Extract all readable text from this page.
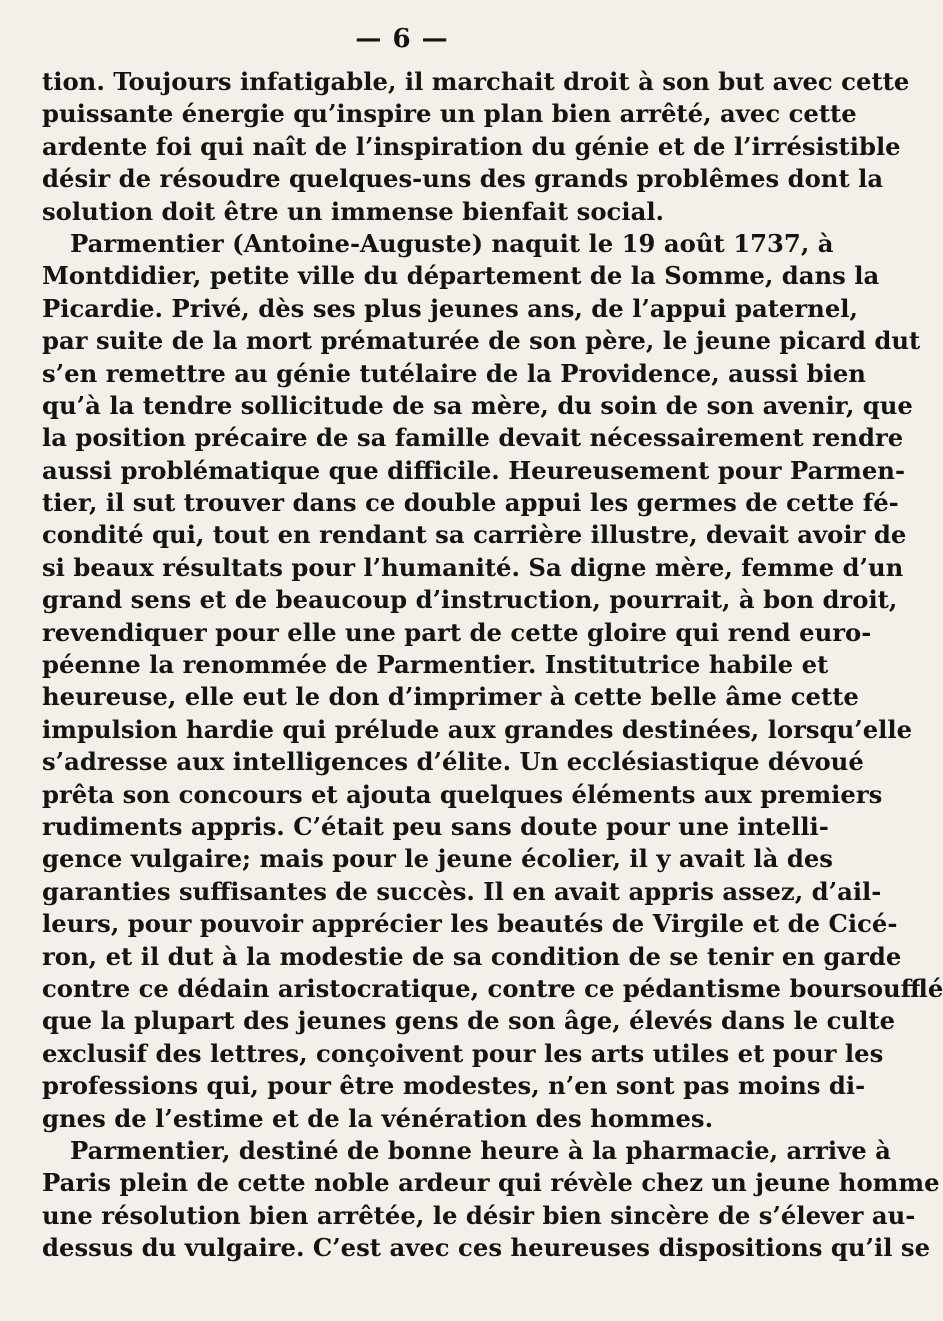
— 6 —
tion. Toujours infatigable, il marchait droit à son but avec cette
puissante énergie qu’inspire un plan bien arrêté, avec cette
ardente foi qui naît de l’inspiration du génie et de l’irrésistible
désir de résoudre quelques-uns des grands problêmes dont la
solution doit être un immense bienfait social.
Parmentier (Antoine-Auguste) naquit le 19 août 1737, à
Montdidier, petite ville du département de la Somme, dans la
Picardie. Privé, dès ses plus jeunes ans, de l’appui paternel,
par suite de la mort prématurée de son père, le jeune picard dut
s’en remettre au génie tutélaire de la Providence, aussi bien
qu’à la tendre sollicitude de sa mère, du soin de son avenir, que
la position précaire de sa famille devait nécessairement rendre
aussi problématique que difficile. Heureusement pour Parmen-
tier, il sut trouver dans ce double appui les germes de cette fé-
condité qui, tout en rendant sa carrière illustre, devait avoir de
si beaux résultats pour l’humanité. Sa digne mère, femme d’un
grand sens et de beaucoup d’instruction, pourrait, à bon droit,
revendiquer pour elle une part de cette gloire qui rend euro-
péenne la renommée de Parmentier. Institutrice habile et
heureuse, elle eut le don d’imprimer à cette belle âme cette
impulsion hardie qui prélude aux grandes destinées, lorsqu’elle
s’adresse aux intelligences d’élite. Un ecclésiastique dévoué
prêta son concours et ajouta quelques éléments aux premiers
rudiments appris. C’était peu sans doute pour une intelli-
gence vulgaire; mais pour le jeune écolier, il y avait là des
garanties suffisantes de succès. Il en avait appris assez, d’ail-
leurs, pour pouvoir apprécier les beautés de Virgile et de Cicé-
ron, et il dut à la modestie de sa condition de se tenir en garde
contre ce dédain aristocratique, contre ce pédantisme boursoufflé
que la plupart des jeunes gens de son âge, élevés dans le culte
exclusif des lettres, conçoivent pour les arts utiles et pour les
professions qui, pour être modestes, n’en sont pas moins di-
gnes de l’estime et de la vénération des hommes.
Parmentier, destiné de bonne heure à la pharmacie, arrive à
Paris plein de cette noble ardeur qui révèle chez un jeune homme
une résolution bien arrêtée, le désir bien sincère de s’élever au-
dessus du vulgaire. C’est avec ces heureuses dispositions qu’il se
